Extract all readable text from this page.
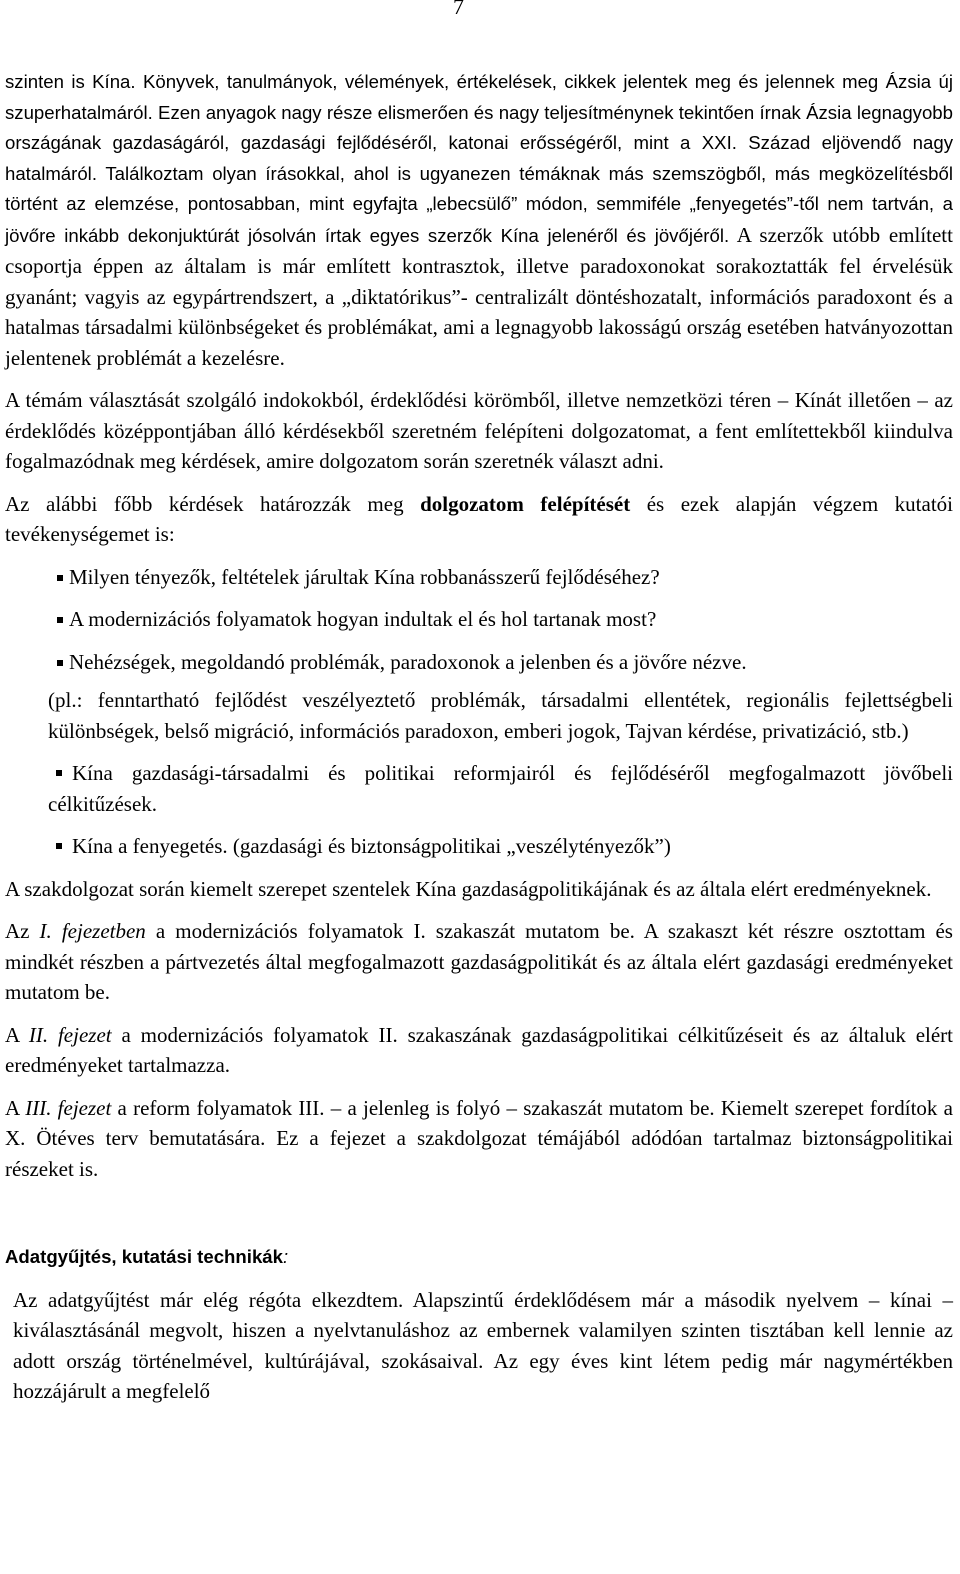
7

szinten is Kína. Könyvek, tanulmányok, vélemények, értékelések, cikkek jelentek meg és jelennek meg Ázsia új szuperhatalmáról. Ezen anyagok nagy része elismerően és nagy teljesítménynek tekintően írnak Ázsia legnagyobb országának gazdaságáról, gazdasági fejlődéséről, katonai erősségéről, mint a XXI. Század eljövendő nagy hatalmáról. Találkoztam olyan írásokkal, ahol is ugyanezen témáknak más szemszögből, más megközelítésből történt az elemzése, pontosabban, mint egyfajta „lebecsülő” módon, semmiféle „fenyegetés”-től nem tartván, a jövőre inkább dekonjuktúrát jósolván írtak egyes szerzők Kína jelenéről és jövőjéről. A szerzők utóbb említett csoportja éppen az általam is már említett kontrasztok, illetve paradoxonokat sorakoztatták fel érvelésük gyanánt; vagyis az egypártrendszert, a „diktatórikus”- centralizált döntéshozatalt, információs paradoxont és a hatalmas társadalmi különbségeket és problémákat, ami a legnagyobb lakosságú ország esetében hatványozottan jelentenek problémát a kezelésre.

A témám választását szolgáló indokokból, érdeklődési körömből, illetve nemzetközi téren – Kínát illetően – az érdeklődés középpontjában álló kérdésekből szeretném felépíteni dolgozatomat, a fent említettekből kiindulva fogalmazódnak meg kérdések, amire dolgozatom során szeretnék választ adni.

Az alábbi főbb kérdések határozzák meg dolgozatom felépítését és ezek alapján végzem kutatói tevékenységemet is:

Milyen tényezők, feltételek járultak Kína robbanásszerű fejlődéséhez?
A modernizációs folyamatok hogyan indultak el és hol tartanak most?
Nehézségek, megoldandó problémák, paradoxonok a jelenben és a jövőre nézve.

(pl.: fenntartható fejlődést veszélyeztető problémák, társadalmi ellentétek, regionális fejlettségbeli különbségek, belső migráció, információs paradoxon, emberi jogok, Tajvan kérdése, privatizáció, stb.)

Kína gazdasági-társadalmi és politikai reformjairól és fejlődéséről megfogalmazott jövőbeli célkitűzések.

Kína a fenyegetés. (gazdasági és biztonságpolitikai „veszélytényezők”)

A szakdolgozat során kiemelt szerepet szentelek Kína gazdaságpolitikájának és az általa elért eredményeknek.

Az I. fejezetben a modernizációs folyamatok I. szakaszát mutatom be. A szakaszt két részre osztottam és mindkét részben a pártvezetés által megfogalmazott gazdaságpolitikát és az általa elért gazdasági eredményeket mutatom be.

A II. fejezet a modernizációs folyamatok II. szakaszának gazdaságpolitikai célkitűzéseit és az általuk elért eredményeket tartalmazza.

A III. fejezet a reform folyamatok III. – a jelenleg is folyó – szakaszát mutatom be. Kiemelt szerepet fordítok a X. Ötéves terv bemutatására. Ez a fejezet a szakdolgozat témájából adódóan tartalmaz biztonságpolitikai részeket is.

Adatgyűjtés, kutatási technikák:

Az adatgyűjtést már elég régóta elkezdtem. Alapszintű érdeklődésem már a második nyelvem – kínai – kiválasztásánál megvolt, hiszen a nyelvtanuláshoz az embernek valamilyen szinten tisztában kell lennie az adott ország történelmével, kultúrájával, szokásaival. Az egy éves kint létem pedig már nagymértékben hozzájárult a megfelelő
